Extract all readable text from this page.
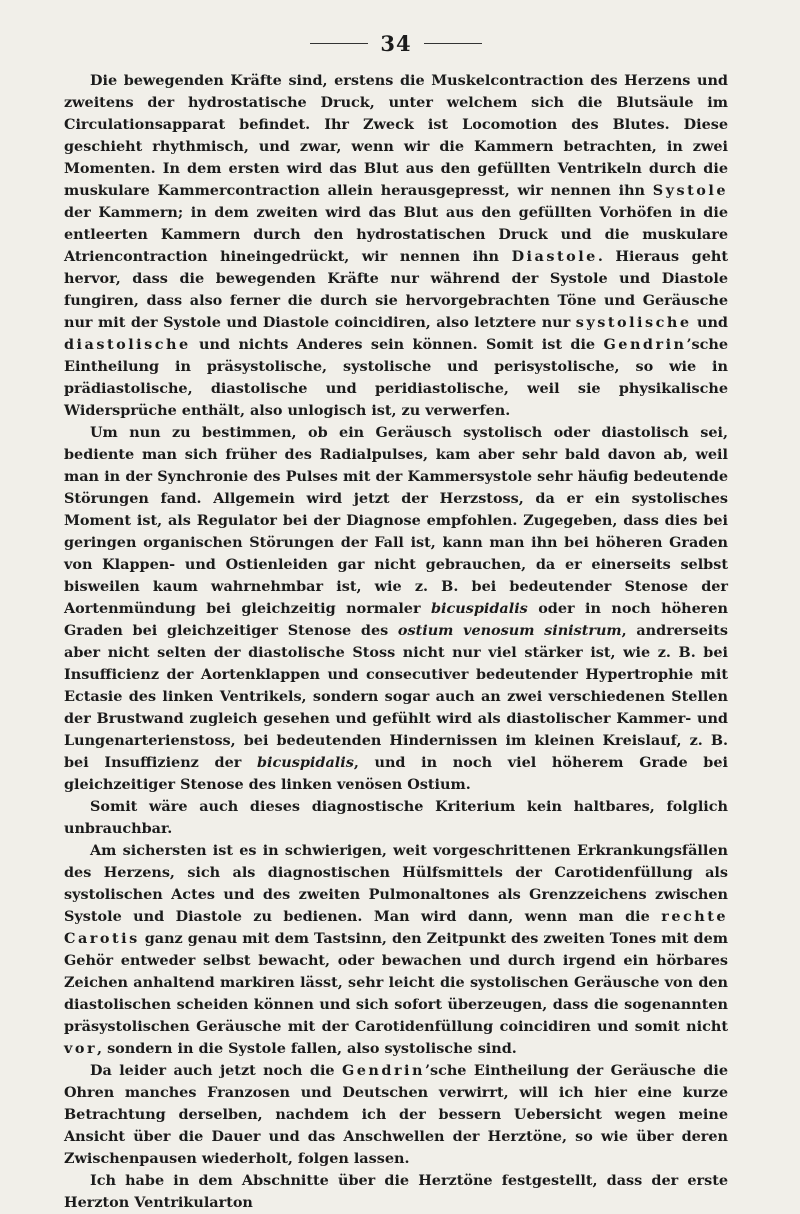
34

Die bewegenden Kräfte sind, erstens die Muskelcontraction des Herzens und zweitens der hydrostatische Druck, unter welchem sich die Blutsäule im Circulationsapparat befindet. Ihr Zweck ist Locomotion des Blutes. Diese geschieht rhythmisch, und zwar, wenn wir die Kammern betrachten, in zwei Momenten. In dem ersten wird das Blut aus den gefüllten Ventrikeln durch die muskulare Kammercontraction allein herausgepresst, wir nennen ihn Systole der Kammern; in dem zweiten wird das Blut aus den gefüllten Vorhöfen in die entleerten Kammern durch den hydrostatischen Druck und die muskulare Atriencontraction hineingedrückt, wir nennen ihn Diastole. Hieraus geht hervor, dass die bewegenden Kräfte nur während der Systole und Diastole fungiren, dass also ferner die durch sie hervorgebrachten Töne und Geräusche nur mit der Systole und Diastole coincidiren, also letztere nur systolische und diastolische und nichts Anderes sein können. Somit ist die Gendrin’sche Eintheilung in präsystolische, systolische und perisystolische, so wie in prädiastolische, diastolische und peridiastolische, weil sie physikalische Widersprüche enthält, also unlogisch ist, zu verwerfen.

Um nun zu bestimmen, ob ein Geräusch systolisch oder diastolisch sei, bediente man sich früher des Radialpulses, kam aber sehr bald davon ab, weil man in der Synchronie des Pulses mit der Kammersystole sehr häufig bedeutende Störungen fand. Allgemein wird jetzt der Herzstoss, da er ein systolisches Moment ist, als Regulator bei der Diagnose empfohlen. Zugegeben, dass dies bei geringen organischen Störungen der Fall ist, kann man ihn bei höheren Graden von Klappen- und Ostienleiden gar nicht gebrauchen, da er einerseits selbst bisweilen kaum wahrnehmbar ist, wie z. B. bei bedeutender Stenose der Aortenmündung bei gleichzeitig normaler bicuspidalis oder in noch höheren Graden bei gleichzeitiger Stenose des ostium venosum sinistrum, andrerseits aber nicht selten der diastolische Stoss nicht nur viel stärker ist, wie z. B. bei Insufficienz der Aortenklappen und consecutiver bedeutender Hypertrophie mit Ectasie des linken Ventrikels, sondern sogar auch an zwei verschiedenen Stellen der Brustwand zugleich gesehen und gefühlt wird als diastolischer Kammer- und Lungenarterienstoss, bei bedeutenden Hindernissen im kleinen Kreislauf, z. B. bei Insuffizienz der bicuspidalis, und in noch viel höherem Grade bei gleichzeitiger Stenose des linken venösen Ostium.

Somit wäre auch dieses diagnostische Kriterium kein haltbares, folglich unbrauchbar.

Am sichersten ist es in schwierigen, weit vorgeschrittenen Erkrankungsfällen des Herzens, sich als diagnostischen Hülfsmittels der Carotidenfüllung als systolischen Actes und des zweiten Pulmonaltones als Grenzzeichens zwischen Systole und Diastole zu bedienen. Man wird dann, wenn man die rechte Carotis ganz genau mit dem Tastsinn, den Zeitpunkt des zweiten Tones mit dem Gehör entweder selbst bewacht, oder bewachen und durch irgend ein hörbares Zeichen anhaltend markiren lässt, sehr leicht die systolischen Geräusche von den diastolischen scheiden können und sich sofort überzeugen, dass die sogenannten präsystolischen Geräusche mit der Carotidenfüllung coincidiren und somit nicht vor, sondern in die Systole fallen, also systolische sind.

Da leider auch jetzt noch die Gendrin’sche Eintheilung der Geräusche die Ohren manches Franzosen und Deutschen verwirrt, will ich hier eine kurze Betrachtung derselben, nachdem ich der bessern Uebersicht wegen meine Ansicht über die Dauer und das Anschwellen der Herztöne, so wie über deren Zwischenpausen wiederholt, folgen lassen.

Ich habe in dem Abschnitte über die Herztöne festgestellt, dass der erste Herzton Ventrikularton
